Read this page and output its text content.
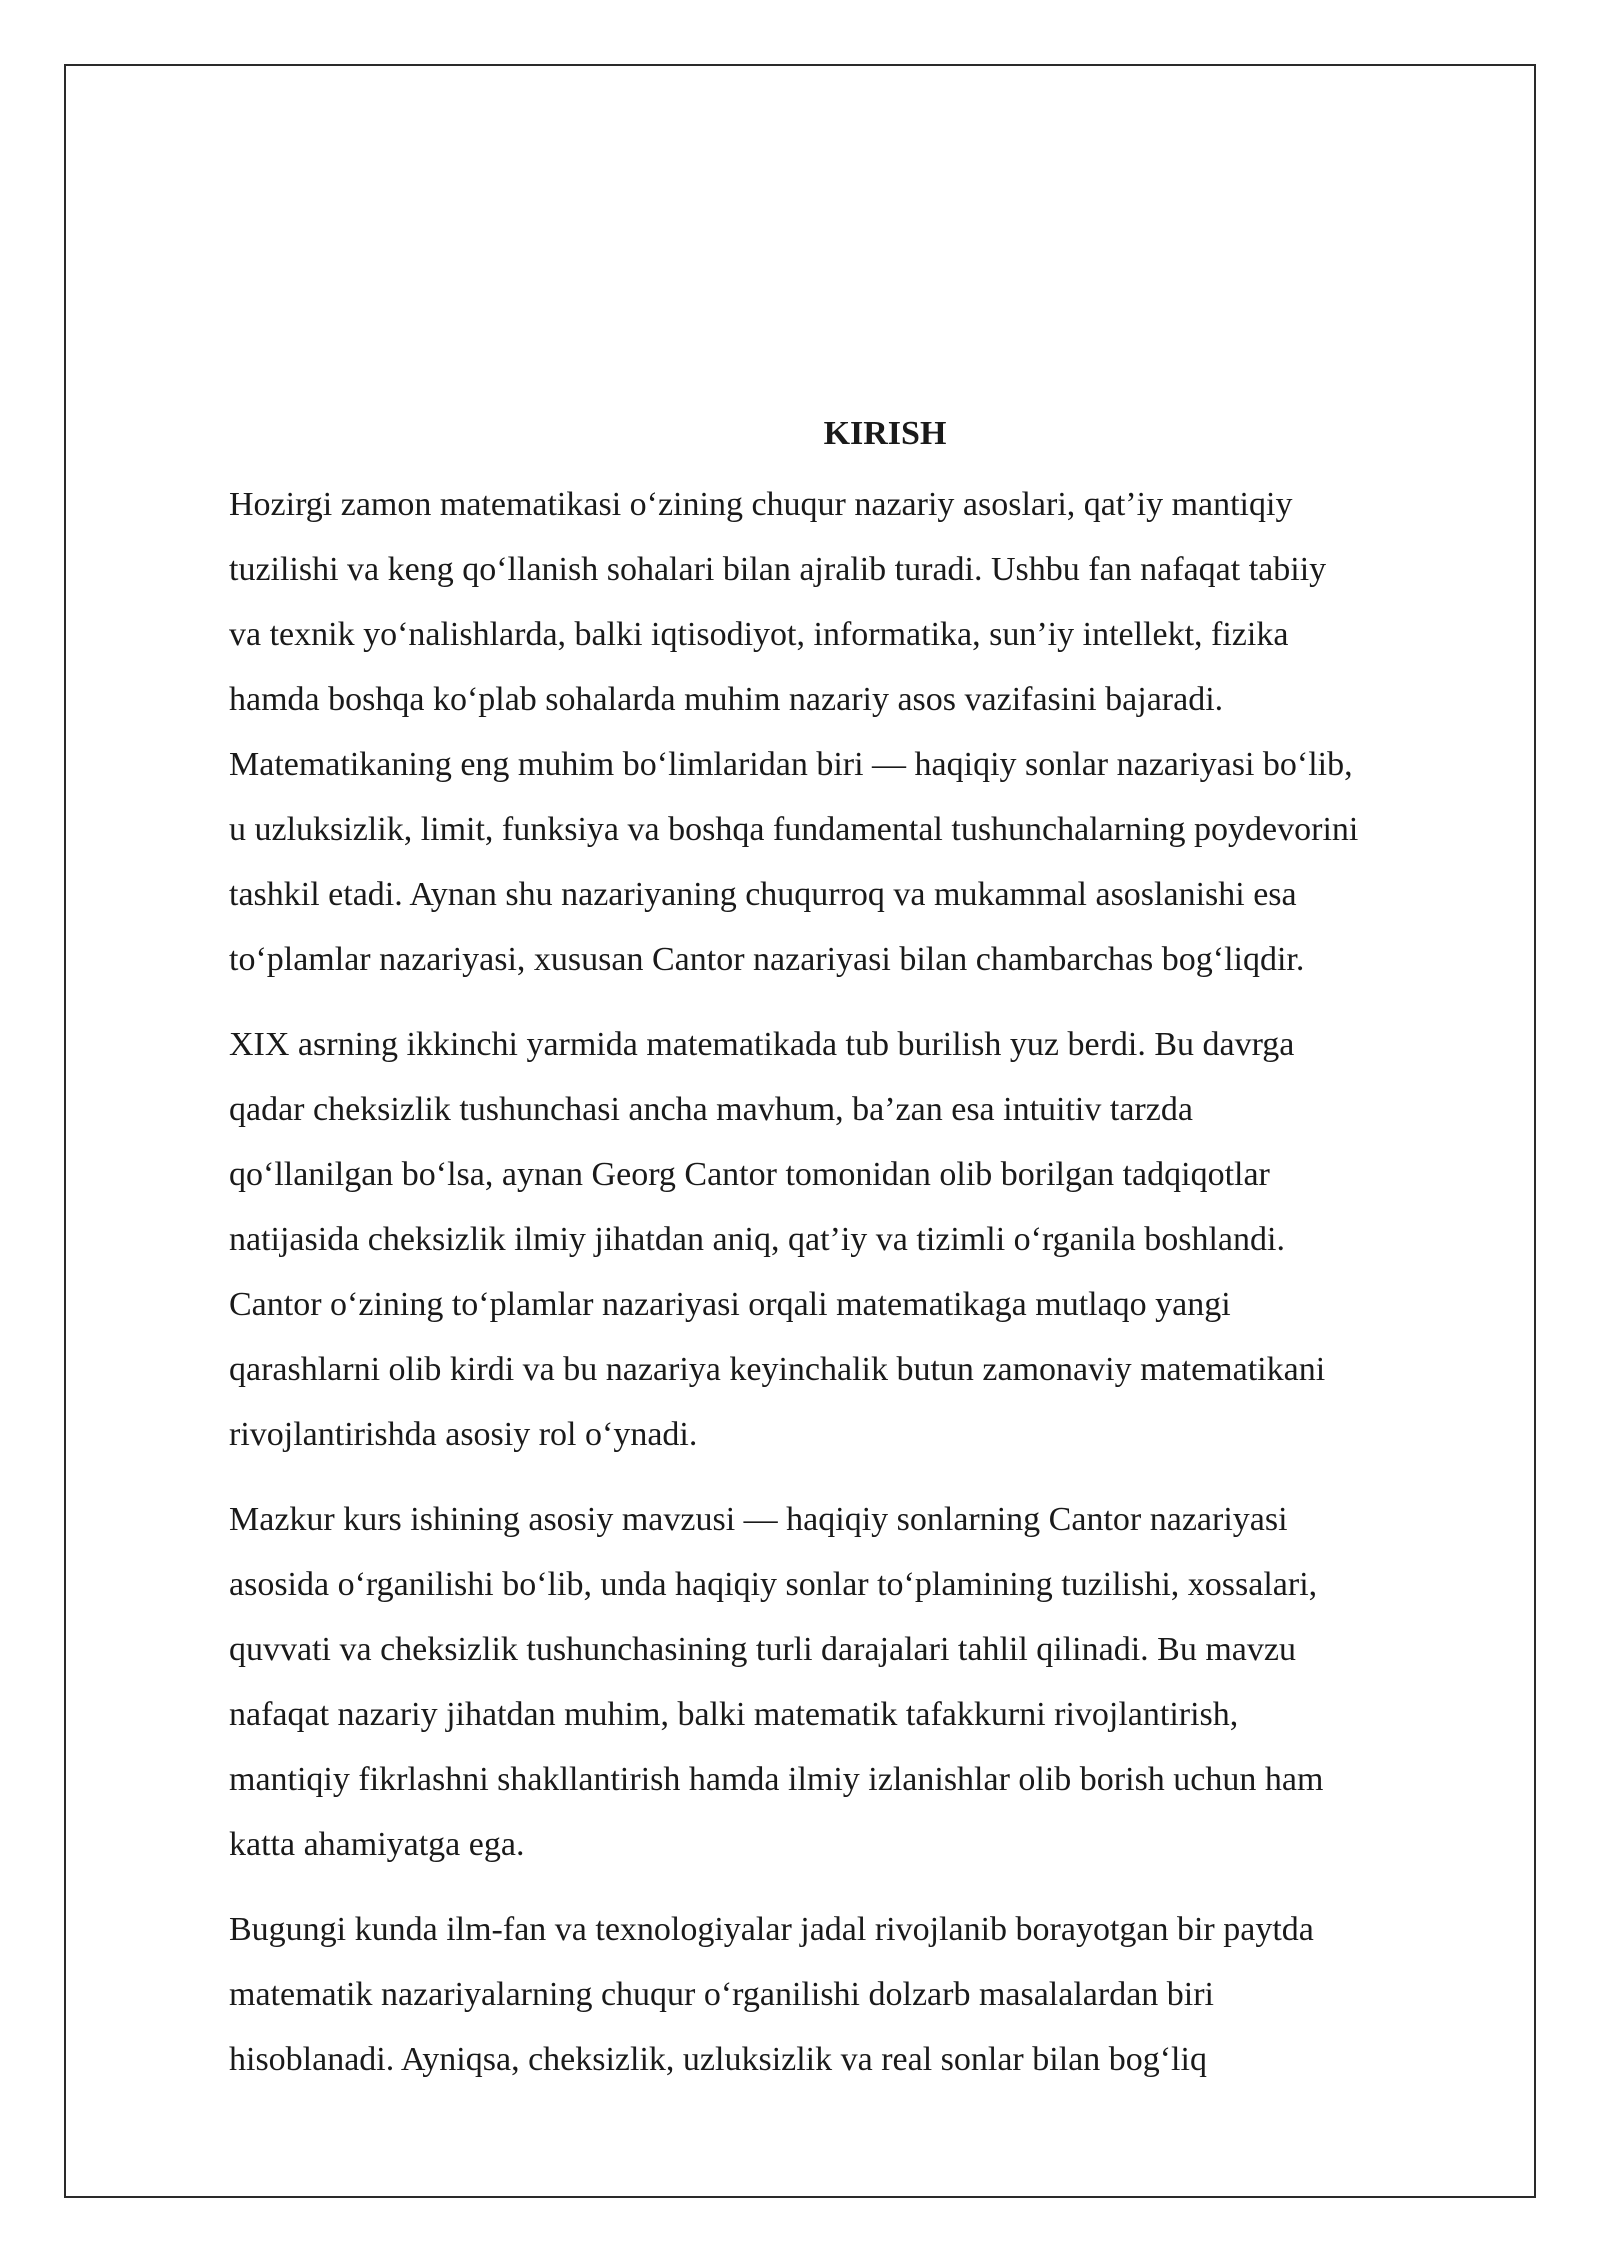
KIRISH

Hozirgi zamon matematikasi o‘zining chuqur nazariy asoslari, qat’iy mantiqiy
tuzilishi va keng qo‘llanish sohalari bilan ajralib turadi. Ushbu fan nafaqat tabiiy
va texnik yo‘nalishlarda, balki iqtisodiyot, informatika, sun’iy intellekt, fizika
hamda boshqa ko‘plab sohalarda muhim nazariy asos vazifasini bajaradi.
Matematikaning eng muhim bo‘limlaridan biri — haqiqiy sonlar nazariyasi bo‘lib,
u uzluksizlik, limit, funksiya va boshqa fundamental tushunchalarning poydevorini
tashkil etadi. Aynan shu nazariyaning chuqurroq va mukammal asoslanishi esa
to‘plamlar nazariyasi, xususan Cantor nazariyasi bilan chambarchas bog‘liqdir.

XIX asrning ikkinchi yarmida matematikada tub burilish yuz berdi. Bu davrga
qadar cheksizlik tushunchasi ancha mavhum, ba’zan esa intuitiv tarzda
qo‘llanilgan bo‘lsa, aynan Georg Cantor tomonidan olib borilgan tadqiqotlar
natijasida cheksizlik ilmiy jihatdan aniq, qat’iy va tizimli o‘rganila boshlandi.
Cantor o‘zining to‘plamlar nazariyasi orqali matematikaga mutlaqo yangi
qarashlarni olib kirdi va bu nazariya keyinchalik butun zamonaviy matematikani
rivojlantirishda asosiy rol o‘ynadi.

Mazkur kurs ishining asosiy mavzusi — haqiqiy sonlarning Cantor nazariyasi
asosida o‘rganilishi bo‘lib, unda haqiqiy sonlar to‘plamining tuzilishi, xossalari,
quvvati va cheksizlik tushunchasining turli darajalari tahlil qilinadi. Bu mavzu
nafaqat nazariy jihatdan muhim, balki matematik tafakkurni rivojlantirish,
mantiqiy fikrlashni shakllantirish hamda ilmiy izlanishlar olib borish uchun ham
katta ahamiyatga ega.

Bugungi kunda ilm-fan va texnologiyalar jadal rivojlanib borayotgan bir paytda
matematik nazariyalarning chuqur o‘rganilishi dolzarb masalalardan biri
hisoblanadi. Ayniqsa, cheksizlik, uzluksizlik va real sonlar bilan bog‘liq
